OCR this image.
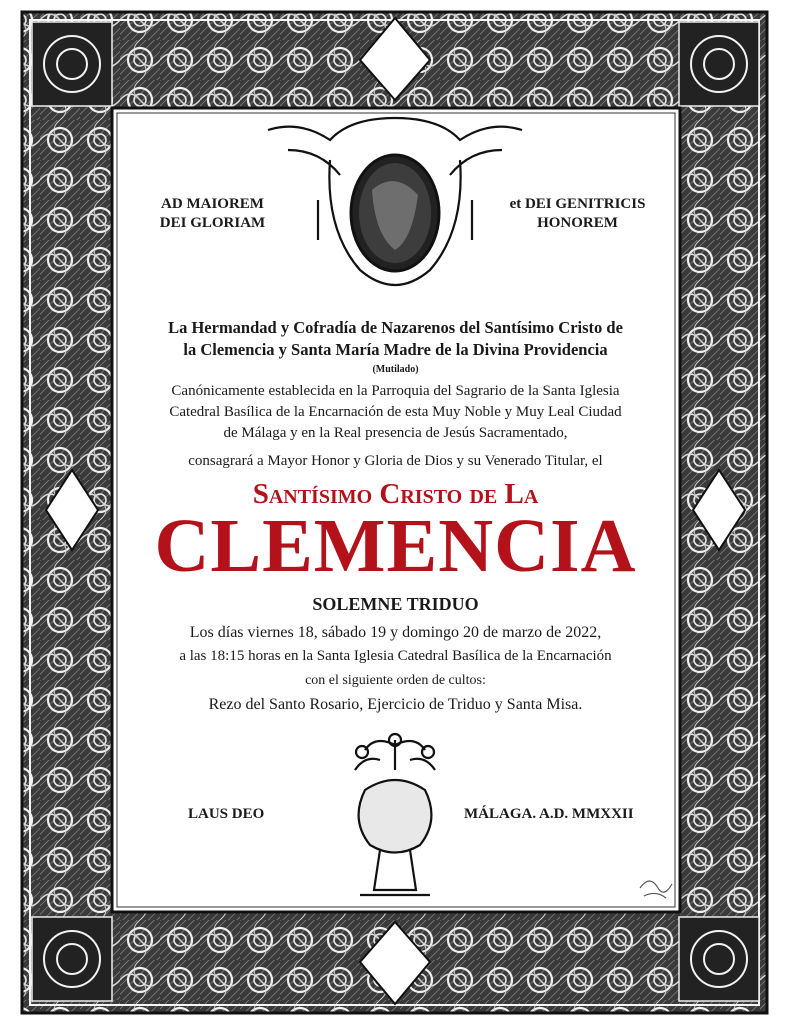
AD MAIOREM
DEI GLORIAM
et DEI GENITRICIS
HONOREM
La Hermandad y Cofradía de Nazarenos del Santísimo Cristo de
la Clemencia y Santa María Madre de la Divina Providencia
(Mutilado)
Canónicamente establecida en la Parroquia del Sagrario de la Santa Iglesia
Catedral Basílica de la Encarnación de esta Muy Noble y Muy Leal Ciudad
de Málaga y en la Real presencia de Jesús Sacramentado,
consagrará a Mayor Honor y Gloria de Dios y su Venerado Titular, el
Santísimo Cristo de La
CLEMENCIA
SOLEMNE TRIDUO
Los días viernes 18, sábado 19 y domingo 20 de marzo de 2022,
a las 18:15 horas en la Santa Iglesia Catedral Basílica de la Encarnación
con el siguiente orden de cultos:
Rezo del Santo Rosario, Ejercicio de Triduo y Santa Misa.
LAUS DEO	MÁLAGA. A.D. MMXXII
